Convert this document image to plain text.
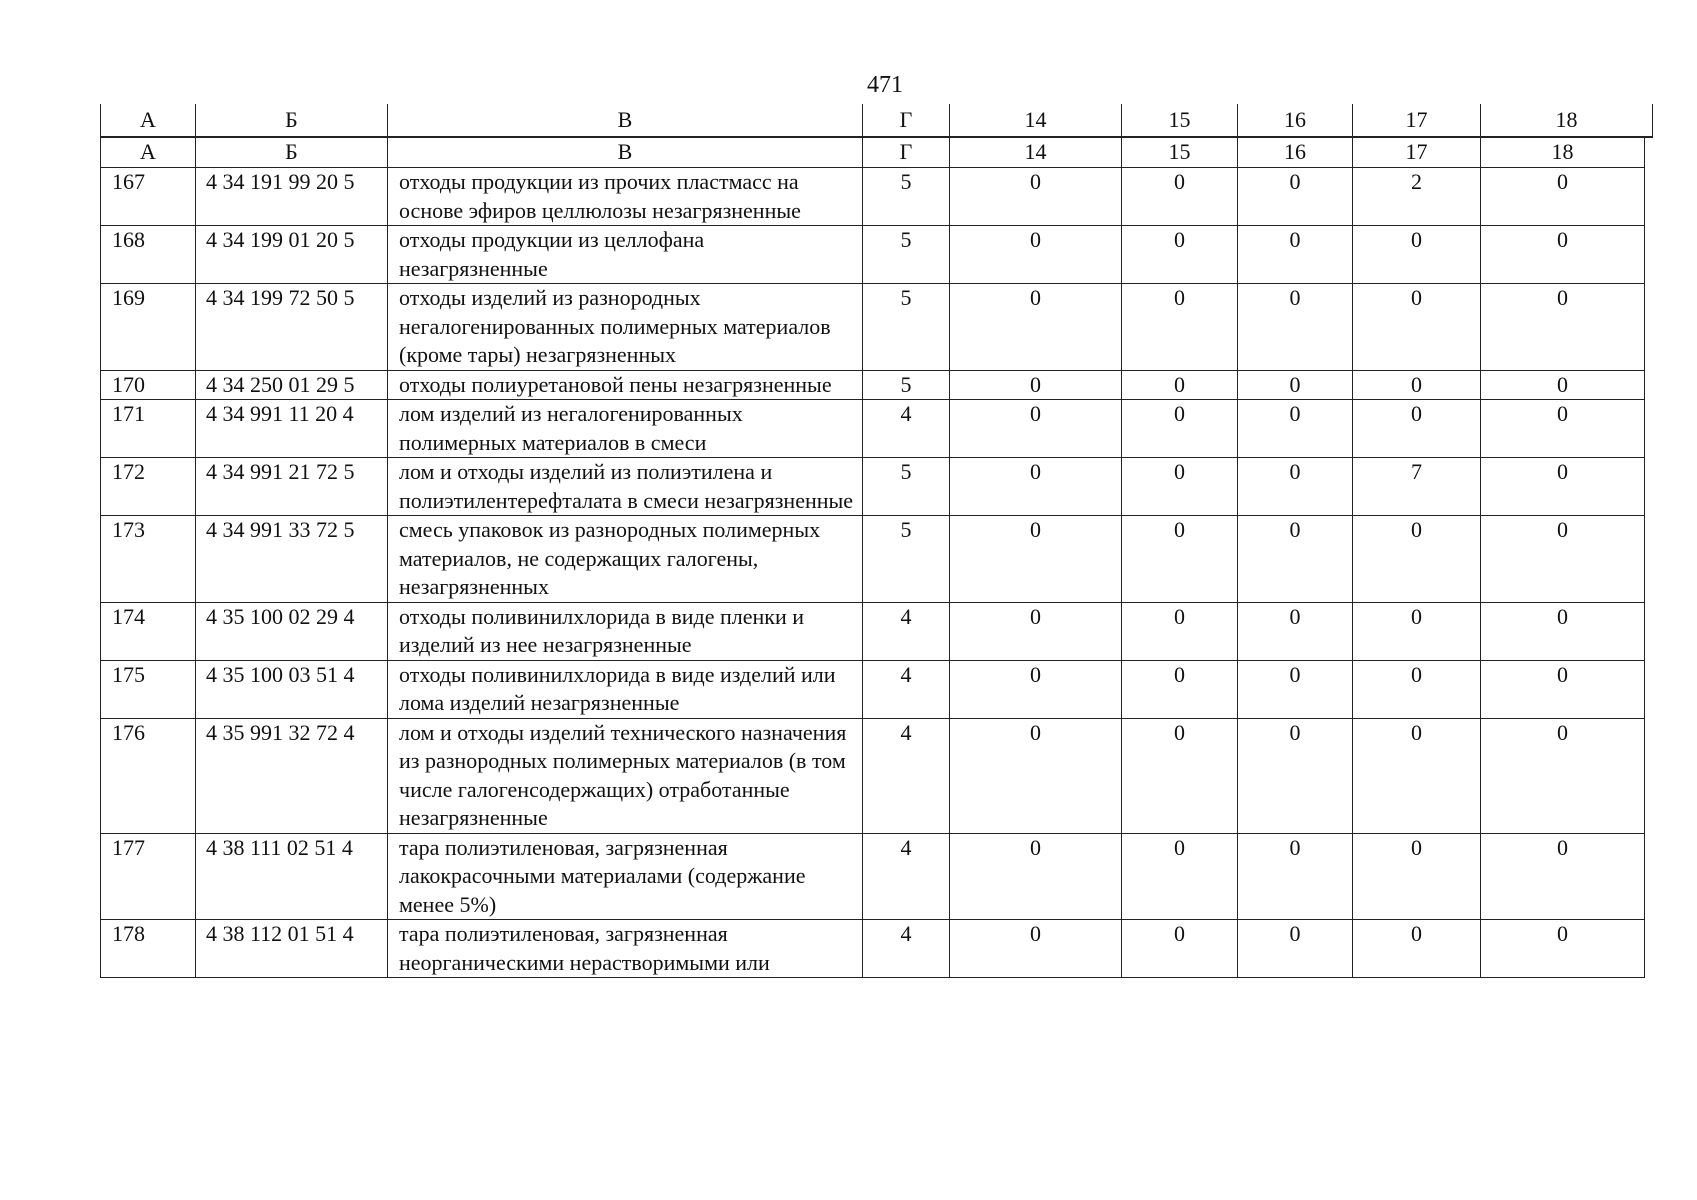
471
А	Б	В	Г	14	15	16	17	18
А	Б	В	Г	14	15	16	17	18
167	4 34 191 99 20 5	отходы продукции из прочих пластмасс на основе эфиров целлюлозы незагрязненные	5	0	0	0	2	0
168	4 34 199 01 20 5	отходы продукции из целлофана незагрязненные	5	0	0	0	0	0
169	4 34 199 72 50 5	отходы изделий из разнородных негалогенированных полимерных материалов (кроме тары) незагрязненных	5	0	0	0	0	0
170	4 34 250 01 29 5	отходы полиуретановой пены незагрязненные	5	0	0	0	0	0
171	4 34 991 11 20 4	лом изделий из негалогенированных полимерных материалов в смеси	4	0	0	0	0	0
172	4 34 991 21 72 5	лом и отходы изделий из полиэтилена и полиэтилентерефталата в смеси незагрязненные	5	0	0	0	7	0
173	4 34 991 33 72 5	смесь упаковок из разнородных полимерных материалов, не содержащих галогены, незагрязненных	5	0	0	0	0	0
174	4 35 100 02 29 4	отходы поливинилхлорида в виде пленки и изделий из нее незагрязненные	4	0	0	0	0	0
175	4 35 100 03 51 4	отходы поливинилхлорида в виде изделий или лома изделий незагрязненные	4	0	0	0	0	0
176	4 35 991 32 72 4	лом и отходы изделий технического назначения из разнородных полимерных материалов (в том числе галогенсодержащих) отработанные незагрязненные	4	0	0	0	0	0
177	4 38 111 02 51 4	тара полиэтиленовая, загрязненная лакокрасочными материалами (содержание менее 5%)	4	0	0	0	0	0
178	4 38 112 01 51 4	тара полиэтиленовая, загрязненная неорганическими нерастворимыми или	4	0	0	0	0	0
